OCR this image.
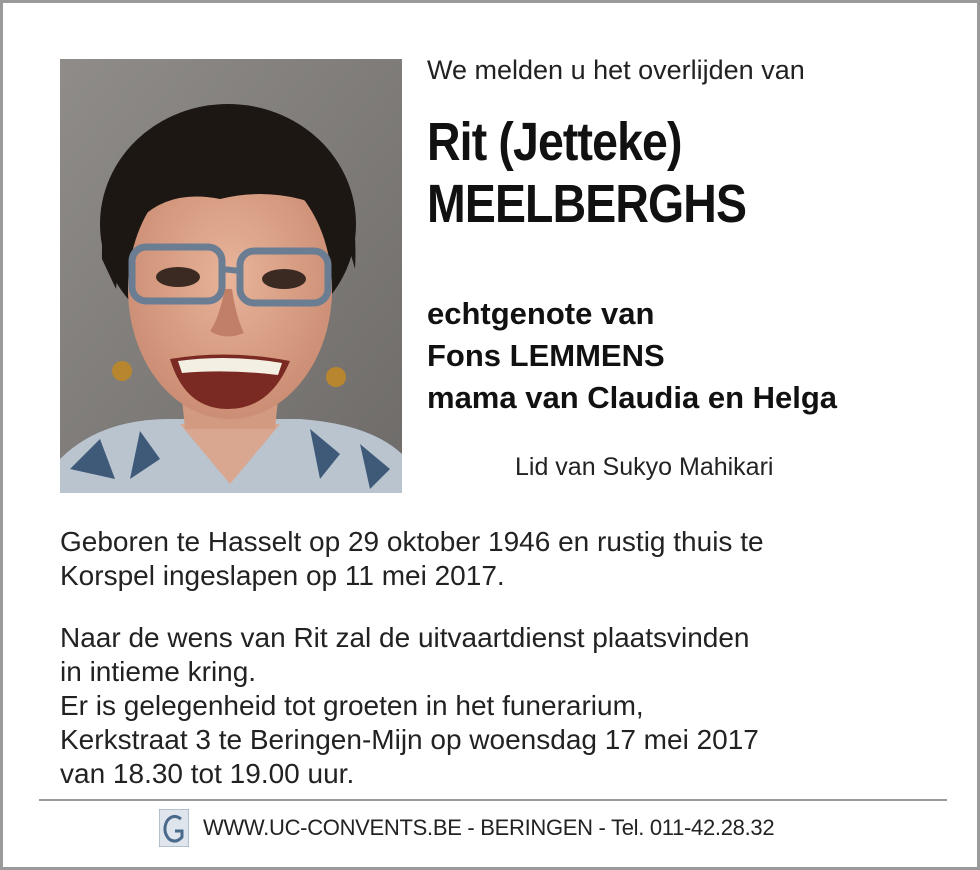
We melden u het overlijden van
Rit (Jetteke)
MEELBERGHS
echtgenote van
Fons LEMMENS
mama van Claudia en Helga
Lid van Sukyo Mahikari
Geboren te Hasselt op 29 oktober 1946 en rustig thuis te
Korspel ingeslapen op 11 mei 2017.
Naar de wens van Rit zal de uitvaartdienst plaatsvinden
in intieme kring.
Er is gelegenheid tot groeten in het funerarium,
Kerkstraat 3 te Beringen-Mijn op woensdag 17 mei 2017
van 18.30 tot 19.00 uur.
WWW.UC-CONVENTS.BE - BERINGEN - Tel. 011-42.28.32
